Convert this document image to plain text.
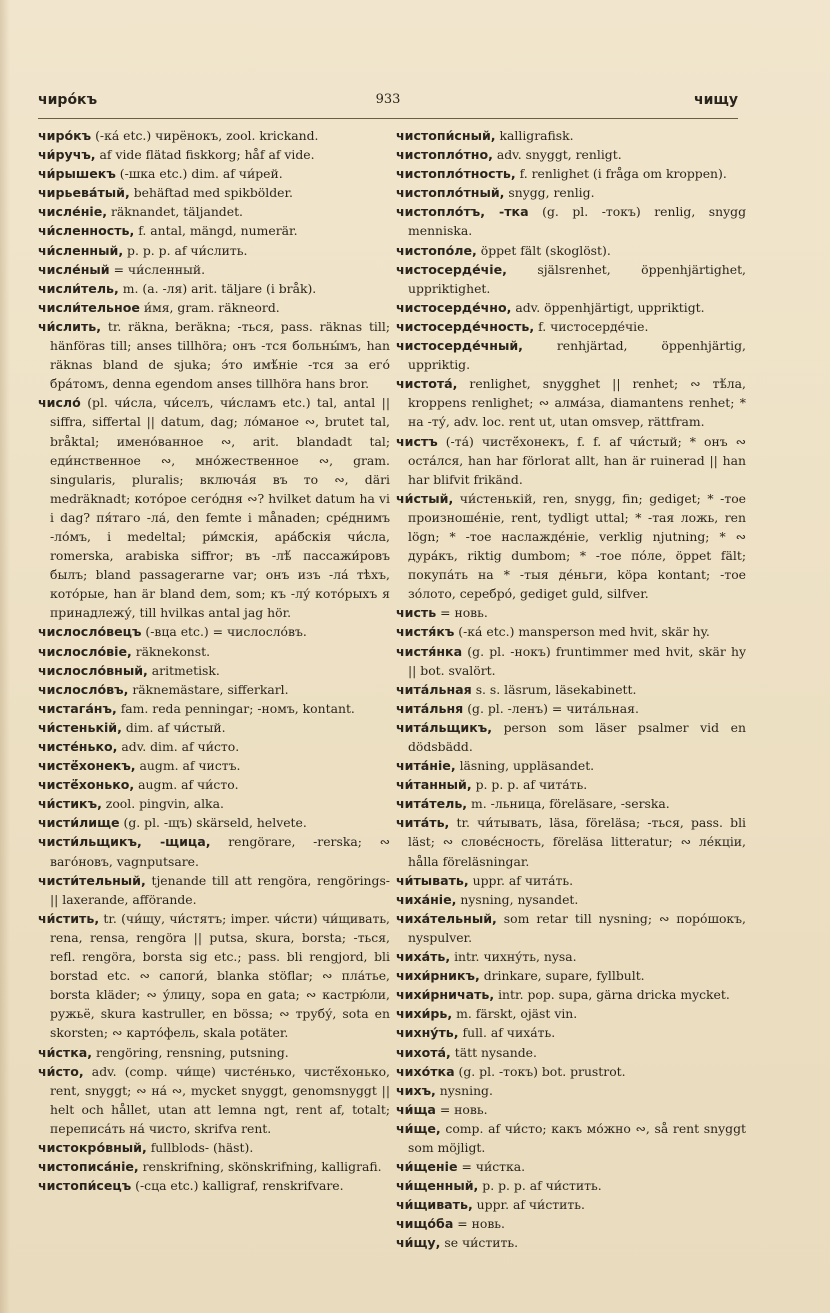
933
чиро́къ	чищу
чиро́къ (-ка́ etc.) чирёнокъ, zool. krickand.
чи́ручъ, af vide flätad fiskkorg; håf af vide.
чи́рышекъ (-шка etc.) dim. af чи́рей.
чирьева́тый, behäftad med spikbölder.
числе́ніе, räknandet, täljandet.
чи́сленность, f. antal, mängd, numerär.
чи́сленный, p. p. p. af чи́слить.
числе́ный = чи́сленный.
числи́тель, m. (a. -ля) arit. täljare (i bråk).
числи́тельное и́мя, gram. räkneord.
чи́слить, tr. räkna, beräkna; -ться, pass. räknas till; hänföras till; anses tillhöra; онъ -тся больны́мъ, han räknas bland de sjuka; э́то имѣ́ніе -тся за его́ бра́томъ, denna egendom anses tillhöra hans bror.
число́ (pl. чи́сла, чи́селъ, чи́сламъ etc.) tal, antal || siffra, siffertal || datum, dag; ло́маное ∾, brutet tal, bråktal; имено́ванное ∾, arit. blandadt tal; еди́нственное ∾, мно́жественное ∾, gram. singularis, pluralis; включа́я въ то ∾, däri medräknadt; кото́рое сего́дня ∾? hvilket datum ha vi i dag? пя́таго -ла́, den femte i månaden; сре́днимъ -ло́мъ, i medeltal; ри́мскія, ара́бскія чи́сла, romerska, arabiska siffror; въ -лѣ́ пассажи́ровъ былъ; bland passagerarne var; онъ изъ -ла́ тѣхъ, кото́рые, han är bland dem, som; къ -лу́ кото́рыхъ я принадлежу́, till hvilkas antal jag hör.
числосло́вецъ (-вца etc.) = числосло́въ.
числосло́віе, räknekonst.
числосло́вный, aritmetisk.
числосло́въ, räknemästare, sifferkarl.
чистага́нъ, fam. reda penningar; -номъ, kontant.
чи́стенькій, dim. af чи́стый.
чисте́нько, adv. dim. af чи́сто.
чистё́хонекъ, augm. af чистъ.
чистё́хонько, augm. af чи́сто.
чи́стикъ, zool. pingvin, alka.
чисти́лище (g. pl. -щъ) skärseld, helvete.
чисти́льщикъ, -щица, rengörare, -rerska; ∾ ваго́новъ, vagnputsare.
чисти́тельный, tjenande till att rengöra, rengörings- || laxerande, afförande.
чи́стить, tr. (чи́щу, чи́стятъ; imper. чи́сти) чи́щивать, rena, rensa, rengöra || putsa, skura, borsta; -ться, refl. rengöra, borsta sig etc.; pass. bli rengjord, bli borstad etc. ∾ сапоги́, blanka stöflar; ∾ пла́тье, borsta kläder; ∾ у́лицу, sopa en gata; ∾ кастрю́ли, ружьё, skura kastruller, en bössa; ∾ трубу́, sota en skorsten; ∾ карто́фель, skala potäter.
чи́стка, rengöring, rensning, putsning.
чи́сто, adv. (comp. чи́ще) чисте́нько, чистё́хонько, rent, snyggt; ∾ на́ ∾, mycket snyggt, genomsnyggt || helt och hållet, utan att lemna ngt, rent af, totalt; переписа́ть на́ чисто, skrifva rent.
чистокро́вный, fullblods- (häst).
чистописа́ніе, renskrifning, skönskrifning, kalligrafi.
чистопи́сецъ (-сца etc.) kalligraf, renskrifvare.
чистопи́сный, kalligrafisk.
чистопло́тно, adv. snyggt, renligt.
чистопло́тность, f. renlighet (i fråga om kroppen).
чистопло́тный, snygg, renlig.
чистопло́тъ, -тка (g. pl. -токъ) renlig, snygg menniska.
чистопо́ле, öppet fält (skoglöst).
чистосерде́чіе, själsrenhet, öppenhjärtighet, uppriktighet.
чистосерде́чно, adv. öppenhjärtigt, uppriktigt.
чистосерде́чность, f. чистосерде́чіе.
чистосерде́чный, renhjärtad, öppenhjärtig, uppriktig.
чистота́, renlighet, snygghet || renhet; ∾ тѣ́ла, kroppens renlighet; ∾ алма́за, diamantens renhet; * на -ту́, adv. loc. rent ut, utan omsvep, rättfram.
чистъ (-та́) чистё́хонекъ, f. f. af чи́стый; * онъ ∾ оста́лся, han har förlorat allt, han är ruinerad || han har blifvit frikänd.
чи́стый, чи́стенькій, ren, snygg, fin; gediget; * -тое произноше́ніе, rent, tydligt uttal; * -тая ложь, ren lögn; * -тое наслажде́ніе, verklig njutning; * ∾ дура́къ, riktig dumbom; * -тое по́ле, öppet fält; покупа́ть на * -тыя де́ньги, köpa kontant; -тое зо́лото, серебро́, gediget guld, silfver.
чисть = новь.
чистя́къ (-ка́ etc.) mansperson med hvit, skär hy.
чистя́нка (g. pl. -нокъ) fruntimmer med hvit, skär hy || bot. svalört.
чита́льная s. s. läsrum, läsekabinett.
чита́льня (g. pl. -ленъ) = чита́льная.
чита́льщикъ, person som läser psalmer vid en dödsbädd.
чита́ніе, läsning, uppläsandet.
чи́танный, p. p. p. af чита́ть.
чита́тель, m. -льница, föreläsare, -serska.
чита́ть, tr. чи́тывать, läsa, föreläsa; -ться, pass. bli läst; ∾ слове́сность, föreläsa litteratur; ∾ ле́кціи, hålla föreläsningar.
чи́тывать, uppr. af чита́ть.
чиха́ніе, nysning, nysandet.
чиха́тельный, som retar till nysning; ∾ поро́шокъ, nyspulver.
чиха́ть, intr. чихну́ть, nysa.
чихи́рникъ, drinkare, supare, fyllbult.
чихи́рничать, intr. pop. supa, gärna dricka mycket.
чихи́рь, m. färskt, ojäst vin.
чихну́ть, full. af чиха́ть.
чихота́, tätt nysande.
чихо́тка (g. pl. -токъ) bot. prustrot.
чихъ, nysning.
чи́ща = новь.
чи́ще, comp. af чи́сто; какъ мо́жно ∾, så rent snyggt som möjligt.
чи́щеніе = чи́стка.
чи́щенный, p. p. p. af чи́стить.
чи́щивать, uppr. af чи́стить.
чищо́ба = новь.
чи́щу, se чи́стить.
